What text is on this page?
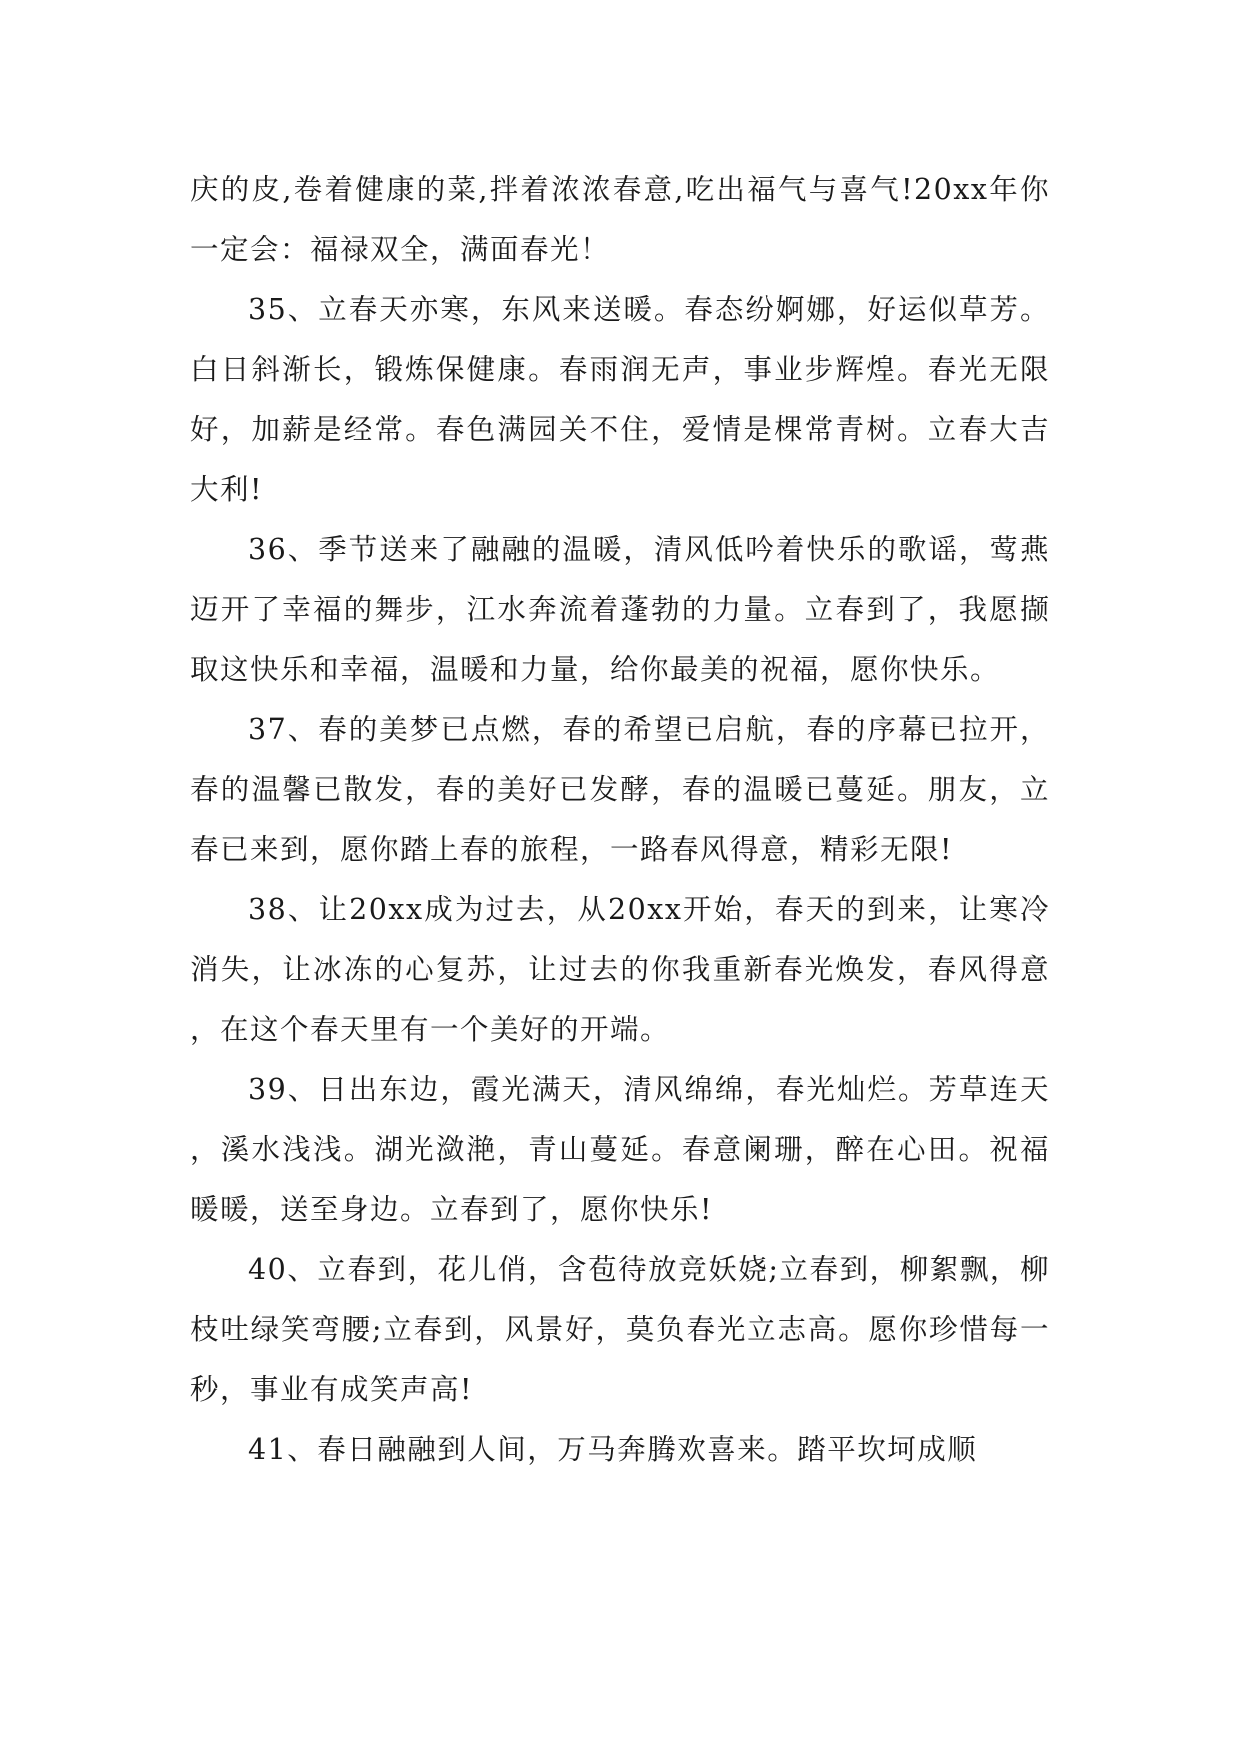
庆的皮,卷着健康的菜,拌着浓浓春意,吃出福气与喜气!20xx年你一定会：福禄双全，满面春光！

35、立春天亦寒，东风来送暖。春态纷婀娜，好运似草芳。白日斜渐长，锻炼保健康。春雨润无声，事业步辉煌。春光无限好，加薪是经常。春色满园关不住，爱情是棵常青树。立春大吉大利!

36、季节送来了融融的温暖，清风低吟着快乐的歌谣，莺燕迈开了幸福的舞步，江水奔流着蓬勃的力量。立春到了，我愿撷取这快乐和幸福，温暖和力量，给你最美的祝福，愿你快乐。

37、春的美梦已点燃，春的希望已启航，春的序幕已拉开，春的温馨已散发，春的美好已发酵，春的温暖已蔓延。朋友，立春已来到，愿你踏上春的旅程，一路春风得意，精彩无限!

38、让20xx成为过去，从20xx开始，春天的到来，让寒冷消失，让冰冻的心复苏，让过去的你我重新春光焕发，春风得意，在这个春天里有一个美好的开端。

39、日出东边，霞光满天，清风绵绵，春光灿烂。芳草连天，溪水浅浅。湖光潋滟，青山蔓延。春意阑珊，醉在心田。祝福暖暖，送至身边。立春到了，愿你快乐!

40、立春到，花儿俏，含苞待放竞妖娆;立春到，柳絮飘，柳枝吐绿笑弯腰;立春到，风景好，莫负春光立志高。愿你珍惜每一秒，事业有成笑声高!

41、春日融融到人间，万马奔腾欢喜来。踏平坎坷成顺
